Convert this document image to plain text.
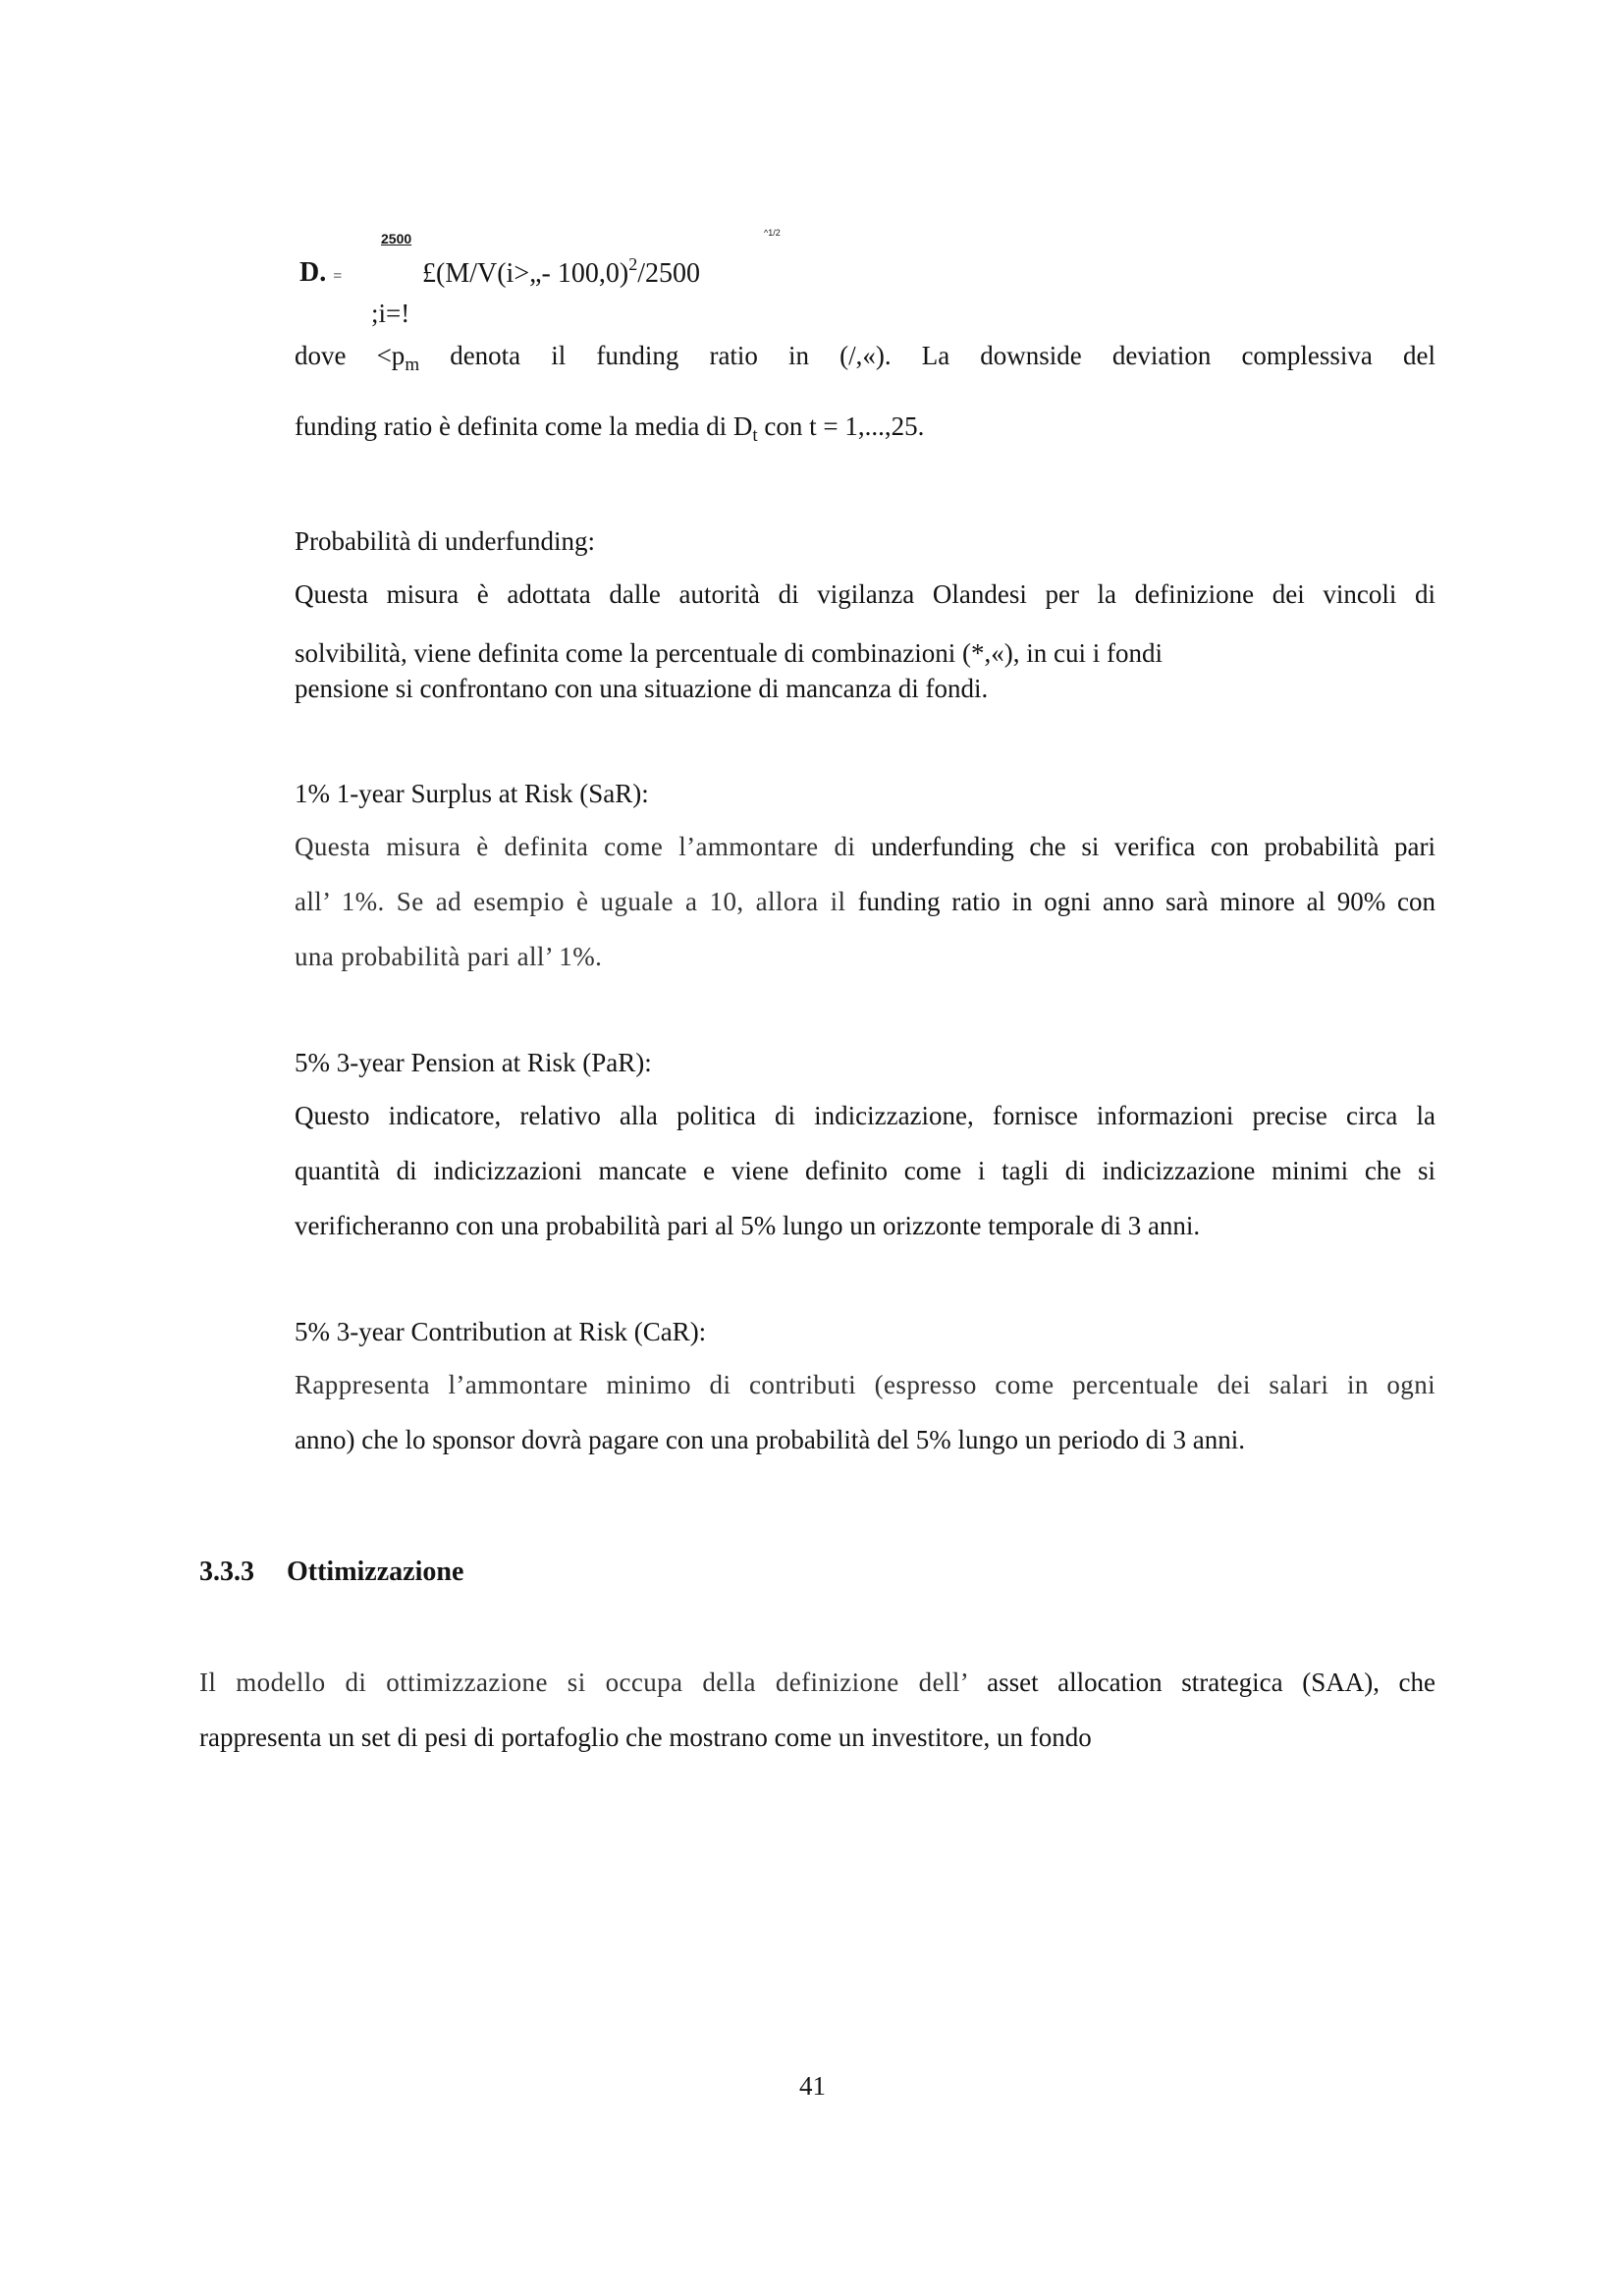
2500	^1/2
D. =	£(M/V(i>„- 100,0)$^2$/2500
;i=!
dove $<p_m$ denota il funding ratio in (/,«). La downside deviation complessiva del
funding ratio è definita come la media di $D_t$ con t = 1,...,25.
Probabilità di underfunding:
Questa misura è adottata dalle autorità di vigilanza Olandesi per la definizione dei vincoli di
solvibilità, viene definita come la percentuale di combinazioni (*,«), in cui i fondi
pensione si confrontano con una situazione di mancanza di fondi.
1% 1-year Surplus at Risk (SaR):
Questa misura è definita come l’ammontare di underfunding che si verifica con probabilità pari
all’ 1%. Se ad esempio è uguale a 10, allora il funding ratio in ogni anno sarà minore al 90% con
una probabilità pari all’ 1%.
5% 3-year Pension at Risk (PaR):
Questo indicatore, relativo alla politica di indicizzazione, fornisce informazioni precise circa la
quantità di indicizzazioni mancate e viene definito come i tagli di indicizzazione minimi che si
verificheranno con una probabilità pari al 5% lungo un orizzonte temporale di 3 anni.
5% 3-year Contribution at Risk (CaR):
Rappresenta l’ammontare minimo di contributi (espresso come percentuale dei salari in ogni
anno) che lo sponsor dovrà pagare con una probabilità del 5% lungo un periodo di 3 anni.
3.3.3 Ottimizzazione
Il modello di ottimizzazione si occupa della definizione dell’ asset allocation strategica (SAA), che
rappresenta un set di pesi di portafoglio che mostrano come un investitore, un fondo
41
